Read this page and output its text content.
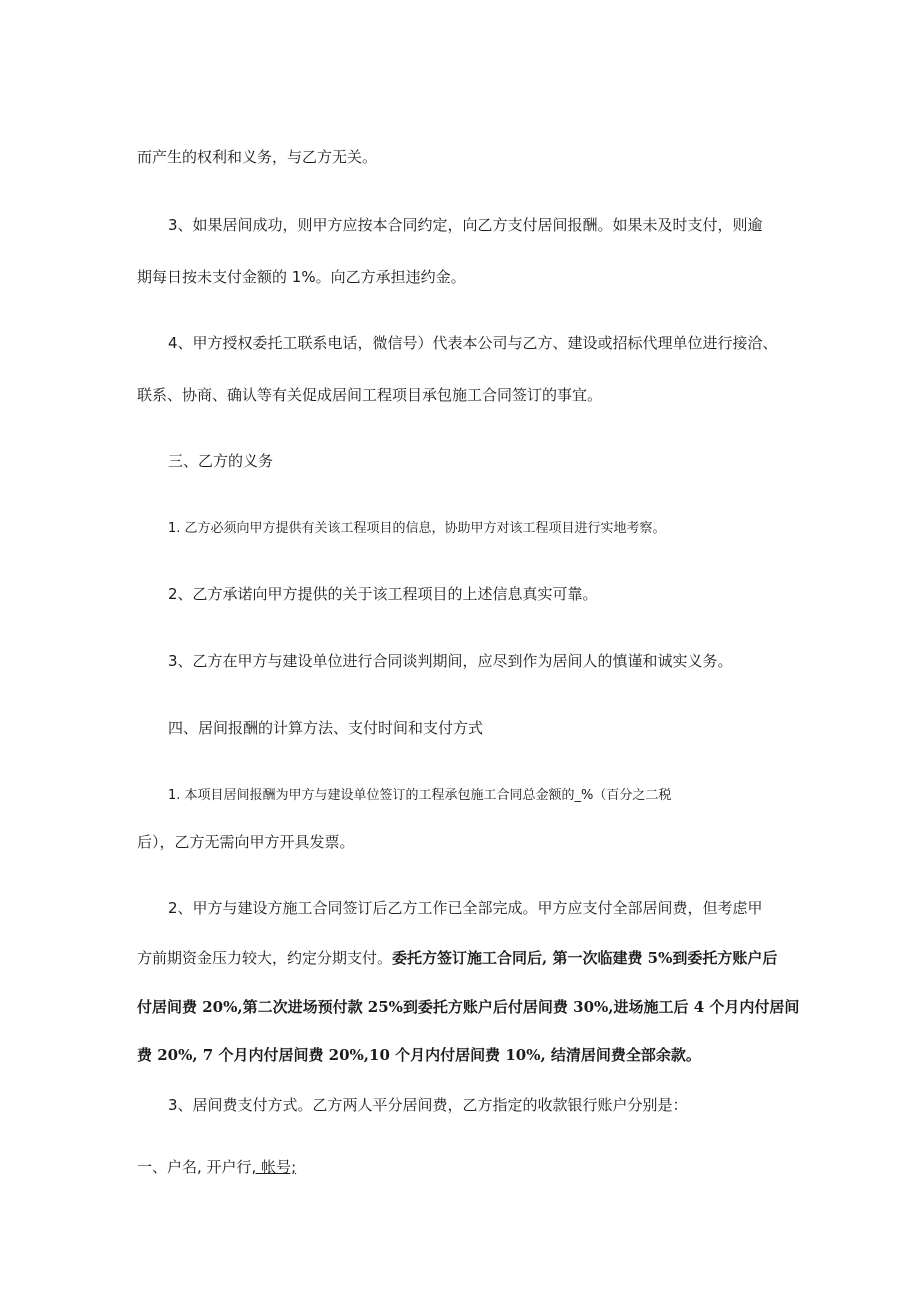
而产生的权利和义务，与乙方无关。
3、如果居间成功，则甲方应按本合同约定，向乙方支付居间报酬。如果未及时支付，则逾
期每日按未支付金额的 1%。向乙方承担违约金。
4、甲方授权委托工联系电话，微信号）代表本公司与乙方、建设或招标代理单位进行接洽、
联系、协商、确认等有关促成居间工程项目承包施工合同签订的事宜。
三、乙方的义务
1. 乙方必须向甲方提供有关该工程项目的信息，协助甲方对该工程项目进行实地考察。
2、乙方承诺向甲方提供的关于该工程项目的上述信息真实可靠。
3、乙方在甲方与建设单位进行合同谈判期间，应尽到作为居间人的慎谨和诚实义务。
四、居间报酬的计算方法、支付时间和支付方式
1. 本项目居间报酬为甲方与建设单位签订的工程承包施工合同总金额的_%（百分之二税
后），乙方无需向甲方开具发票。
2、甲方与建设方施工合同签订后乙方工作已全部完成。甲方应支付全部居间费，但考虑甲
方前期资金压力较大，约定分期支付。委托方签订施工合同后, 第一次临建费 5%到委托方账户后
付居间费 20%,第二次进场预付款 25%到委托方账户后付居间费 30%,进场施工后 4 个月内付居间
费 20%, 7 个月内付居间费 20%,10 个月内付居间费 10%, 结清居间费全部余款。
3、居间费支付方式。乙方两人平分居间费，乙方指定的收款银行账户分别是：
一、户名, 开户行, 帐号;
